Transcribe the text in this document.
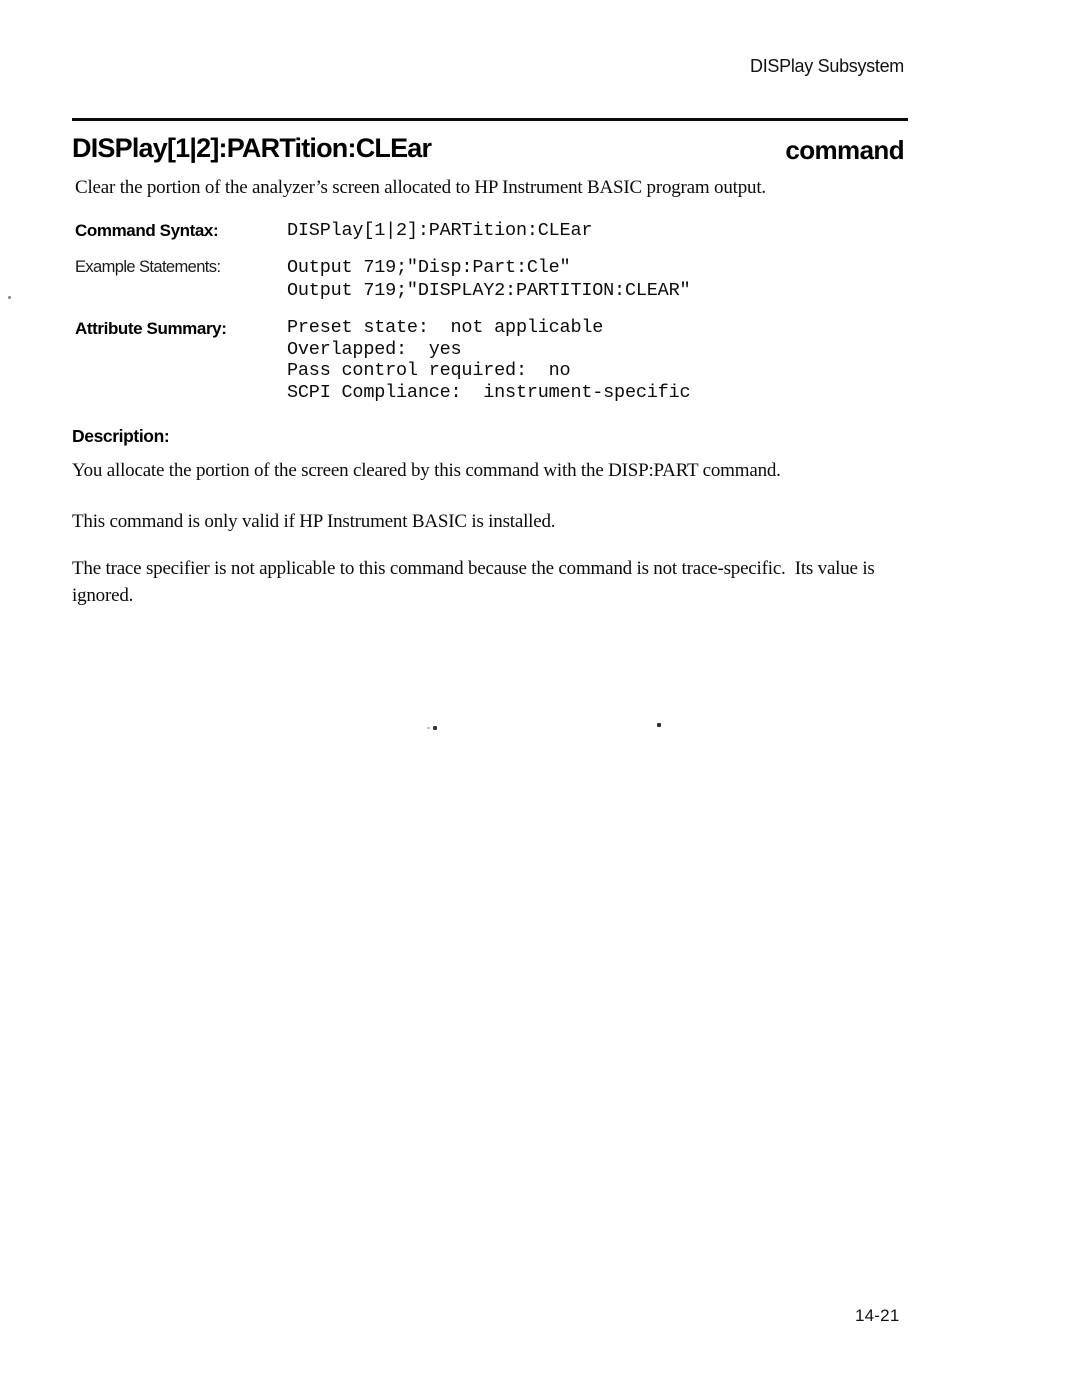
DISPlay Subsystem
DISPlay[1|2]:PARTition:CLEar	command
Clear the portion of the analyzer’s screen allocated to HP Instrument BASIC program output.
Command Syntax:	DISPlay[1|2]:PARTition:CLEar
Example Statements:	Output 719;"Disp:Part:Cle"
Output 719;"DISPLAY2:PARTITION:CLEAR"
Attribute Summary:	Preset state:  not applicable
Overlapped:  yes
Pass control required:  no
SCPI Compliance:  instrument-specific
Description:
You allocate the portion of the screen cleared by this command with the DISP:PART command.
This command is only valid if HP Instrument BASIC is installed.
The trace specifier is not applicable to this command because the command is not trace-specific.  Its value is ignored.
14-21
